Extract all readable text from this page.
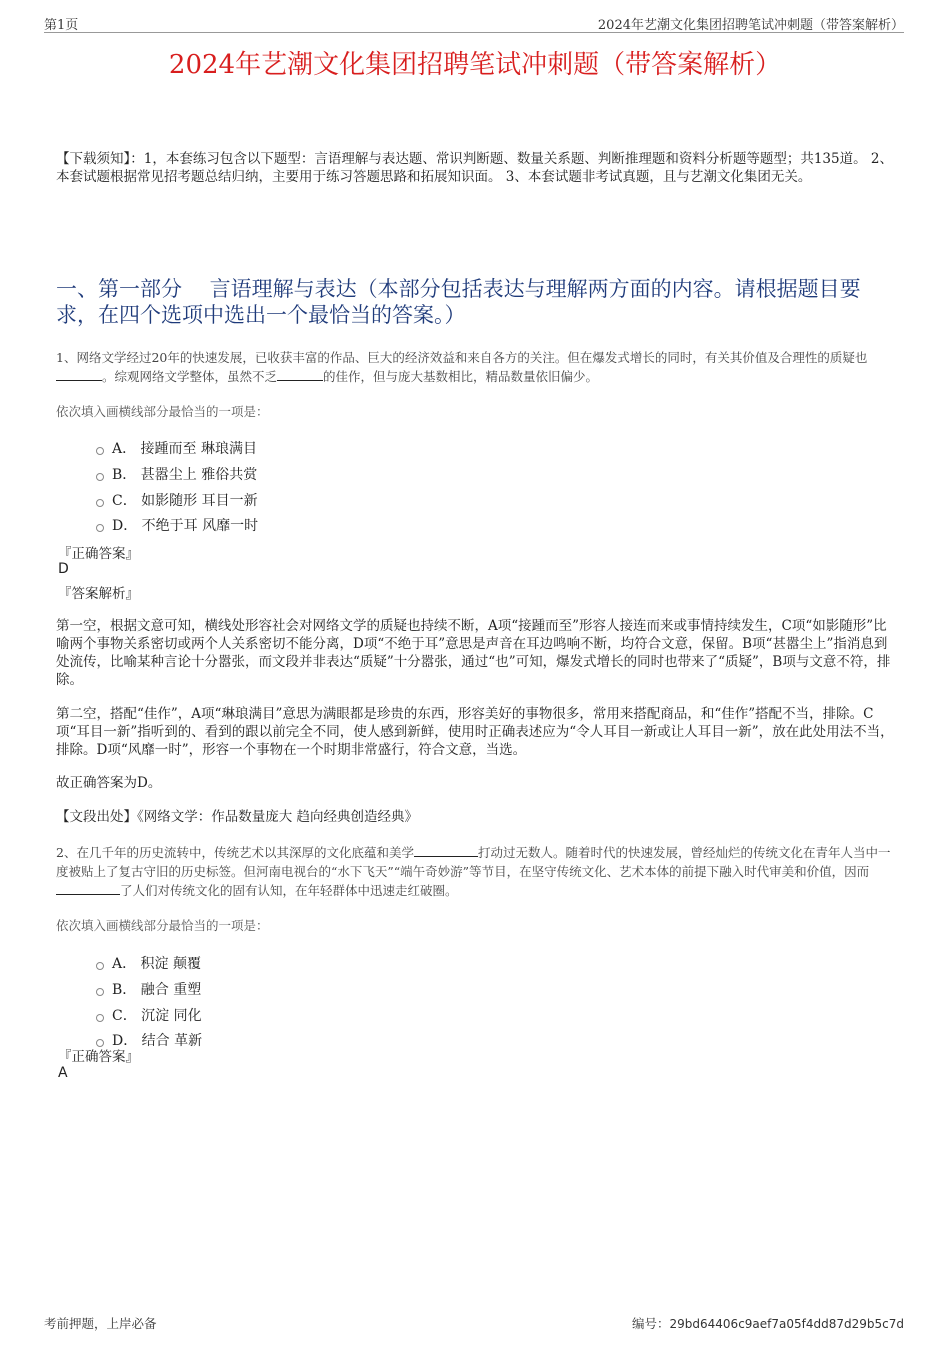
第1页	2024年艺潮文化集团招聘笔试冲刺题（带答案解析）
2024年艺潮文化集团招聘笔试冲刺题（带答案解析）
【下载须知】：1，本套练习包含以下题型：言语理解与表达题、常识判断题、数量关系题、判断推理题和资料分析题等题型；共135道。 2、本套试题根据常见招考题总结归纳，主要用于练习答题思路和拓展知识面。 3、本套试题非考试真题，且与艺潮文化集团无关。
一、第一部分　 言语理解与表达（本部分包括表达与理解两方面的内容。请根据题目要求，在四个选项中选出一个最恰当的答案。）
1、网络文学经过20年的快速发展，已收获丰富的作品、巨大的经济效益和来自各方的关注。但在爆发式增长的同时，有关其价值及合理性的质疑也。综观网络文学整体，虽然不乏	的佳作，但与庞大基数相比，精品数量依旧偏少。
依次填入画横线部分最恰当的一项是：
A． 接踵而至 琳琅满目
B． 甚嚣尘上 雅俗共赏
C． 如影随形 耳目一新
D． 不绝于耳 风靡一时
『正确答案』
D
『答案解析』
第一空，根据文意可知，横线处形容社会对网络文学的质疑也持续不断，A项“接踵而至”形容人接连而来或事情持续发生，C项“如影随形”比喻两个事物关系密切或两个人关系密切不能分离，D项“不绝于耳”意思是声音在耳边鸣响不断，均符合文意，保留。B项“甚嚣尘上”指消息到处流传，比喻某种言论十分嚣张，而文段并非表达“质疑”十分嚣张，通过“也”可知，爆发式增长的同时也带来了“质疑”，B项与文意不符，排除。
第二空，搭配“佳作”，A项“琳琅满目”意思为满眼都是珍贵的东西，形容美好的事物很多，常用来搭配商品，和“佳作”搭配不当，排除。C项“耳目一新”指听到的、看到的跟以前完全不同，使人感到新鲜，使用时正确表述应为“令人耳目一新或让人耳目一新”，放在此处用法不当，排除。D项“风靡一时”，形容一个事物在一个时期非常盛行，符合文意，当选。
故正确答案为D。
【文段出处】《网络文学：作品数量庞大 趋向经典创造经典》
2、在几千年的历史流转中，传统艺术以其深厚的文化底蕴和美学	打动过无数人。随着时代的快速发展，曾经灿烂的传统文化在青年人当中一度被贴上了复古守旧的历史标签。但河南电视台的“水下飞天”“端午奇妙游”等节目，在坚守传统文化、艺术本体的前提下融入时代审美和价值，因而了人们对传统文化的固有认知，在年轻群体中迅速走红破圈。
依次填入画横线部分最恰当的一项是：
A． 积淀 颠覆
B． 融合 重塑
C． 沉淀 同化
D． 结合 革新
『正确答案』
A
考前押题，上岸必备	编号：29bd64406c9aef7a05f4dd87d29b5c7d
